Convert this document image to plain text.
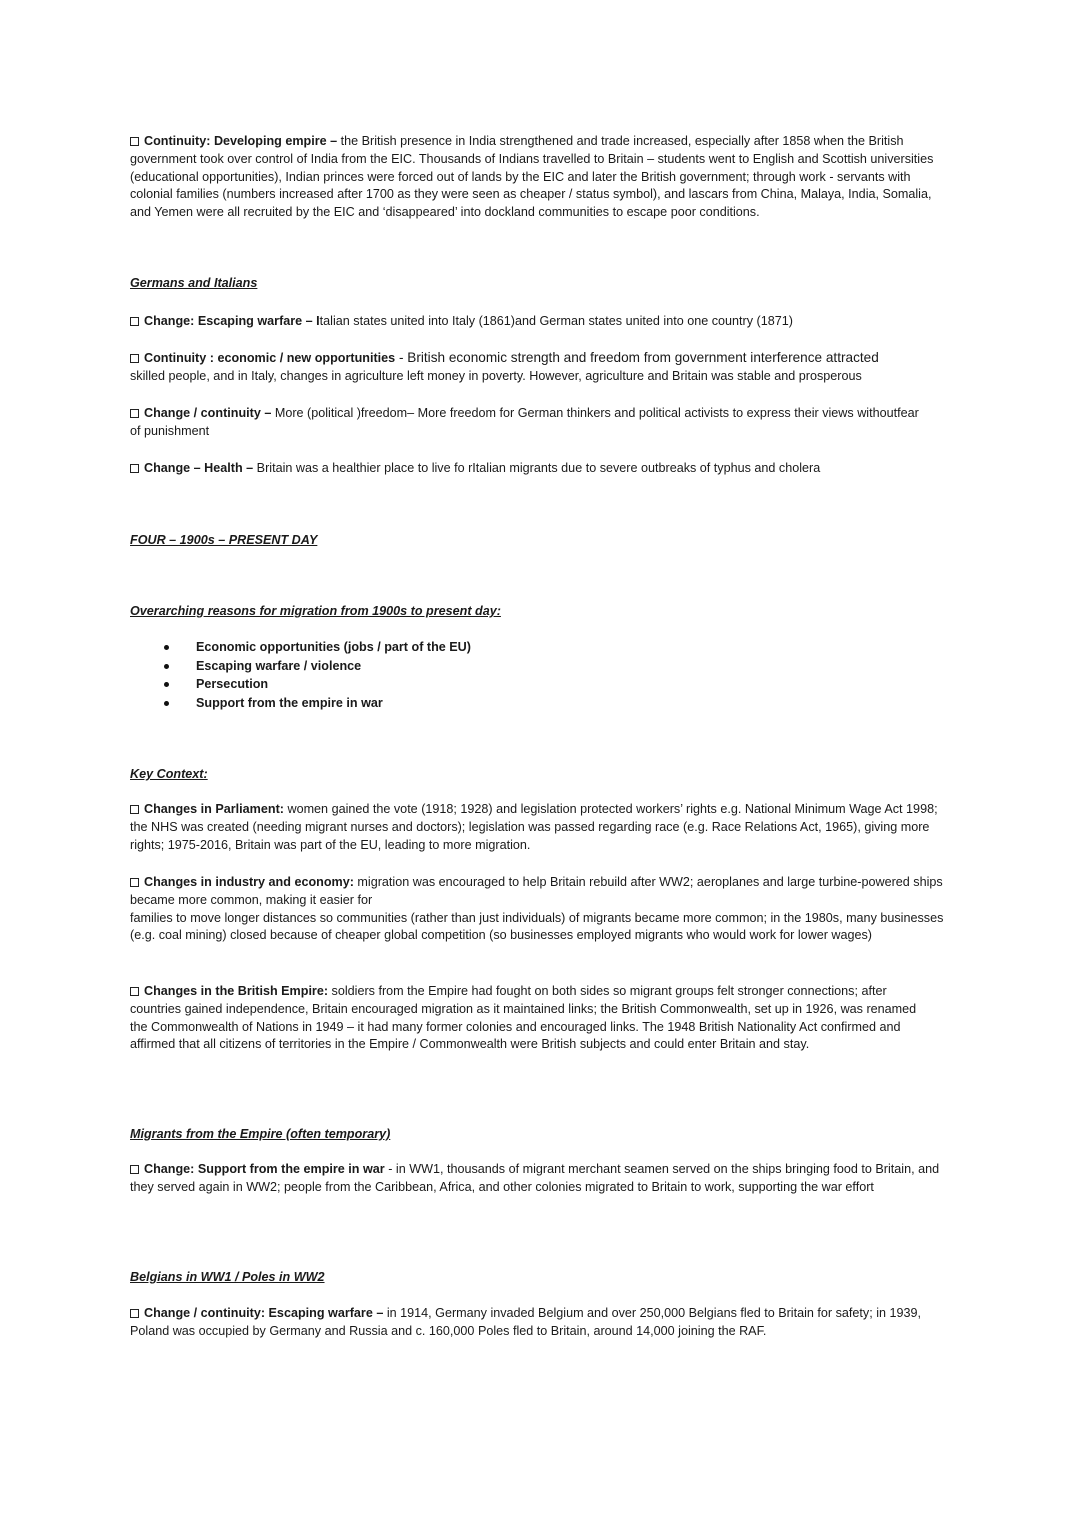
Continuity: Developing empire – the British presence in India strengthened and trade increased, especially after 1858 when the British government took over control of India from the EIC. Thousands of Indians travelled to Britain – students went to English and Scottish universities (educational opportunities), Indian princes were forced out of lands by the EIC and later the British government; through work - servants with colonial families (numbers increased after 1700 as they were seen as cheaper / status symbol), and lascars from China, Malaya, India, Somalia, and Yemen were all recruited by the EIC and ‘disappeared’ into dockland communities to escape poor conditions.

Germans and Italians

Change: Escaping warfare – Italian states united into Italy (1861)and German states united into one country (1871)

Continuity : economic / new opportunities - British economic strength and freedom from government interference attracted
skilled people, and in Italy, changes in agriculture left money in poverty. However, agriculture and Britain was stable and prosperous

Change / continuity – More (political )freedom– More freedom for German thinkers and political activists to express their views withoutfear of punishment

Change – Health – Britain was a healthier place to live fo rItalian migrants due to severe outbreaks of typhus and cholera

FOUR – 1900s – PRESENT DAY

Overarching reasons for migration from 1900s to present day:

Economic opportunities (jobs / part of the EU)
Escaping warfare / violence
Persecution
Support from the empire in war

Key Context:

Changes in Parliament: women gained the vote (1918; 1928) and legislation protected workers’ rights e.g. National Minimum Wage Act 1998; the NHS was created (needing migrant nurses and doctors); legislation was passed regarding race (e.g. Race Relations Act, 1965), giving more rights; 1975-2016, Britain was part of the EU, leading to more migration.

Changes in industry and economy: migration was encouraged to help Britain rebuild after WW2; aeroplanes and large turbine-powered ships became more common, making it easier for
families to move longer distances so communities (rather than just individuals) of migrants became more common; in the 1980s, many businesses (e.g. coal mining) closed because of cheaper global competition (so businesses employed migrants who would work for lower wages)

Changes in the British Empire: soldiers from the Empire had fought on both sides so migrant groups felt stronger connections; after countries gained independence, Britain encouraged migration as it maintained links; the British Commonwealth, set up in 1926, was renamed the Commonwealth of Nations in 1949 – it had many former colonies and encouraged links. The 1948 British Nationality Act confirmed and affirmed that all citizens of territories in the Empire / Commonwealth were British subjects and could enter Britain and stay.

Migrants from the Empire (often temporary)

Change: Support from the empire in war - in WW1, thousands of migrant merchant seamen served on the ships bringing food to Britain, and they served again in WW2; people from the Caribbean, Africa, and other colonies migrated to Britain to work, supporting the war effort

Belgians in WW1 / Poles in WW2

Change / continuity: Escaping warfare – in 1914, Germany invaded Belgium and over 250,000 Belgians fled to Britain for safety; in 1939, Poland was occupied by Germany and Russia and c. 160,000 Poles fled to Britain, around 14,000 joining the RAF.
